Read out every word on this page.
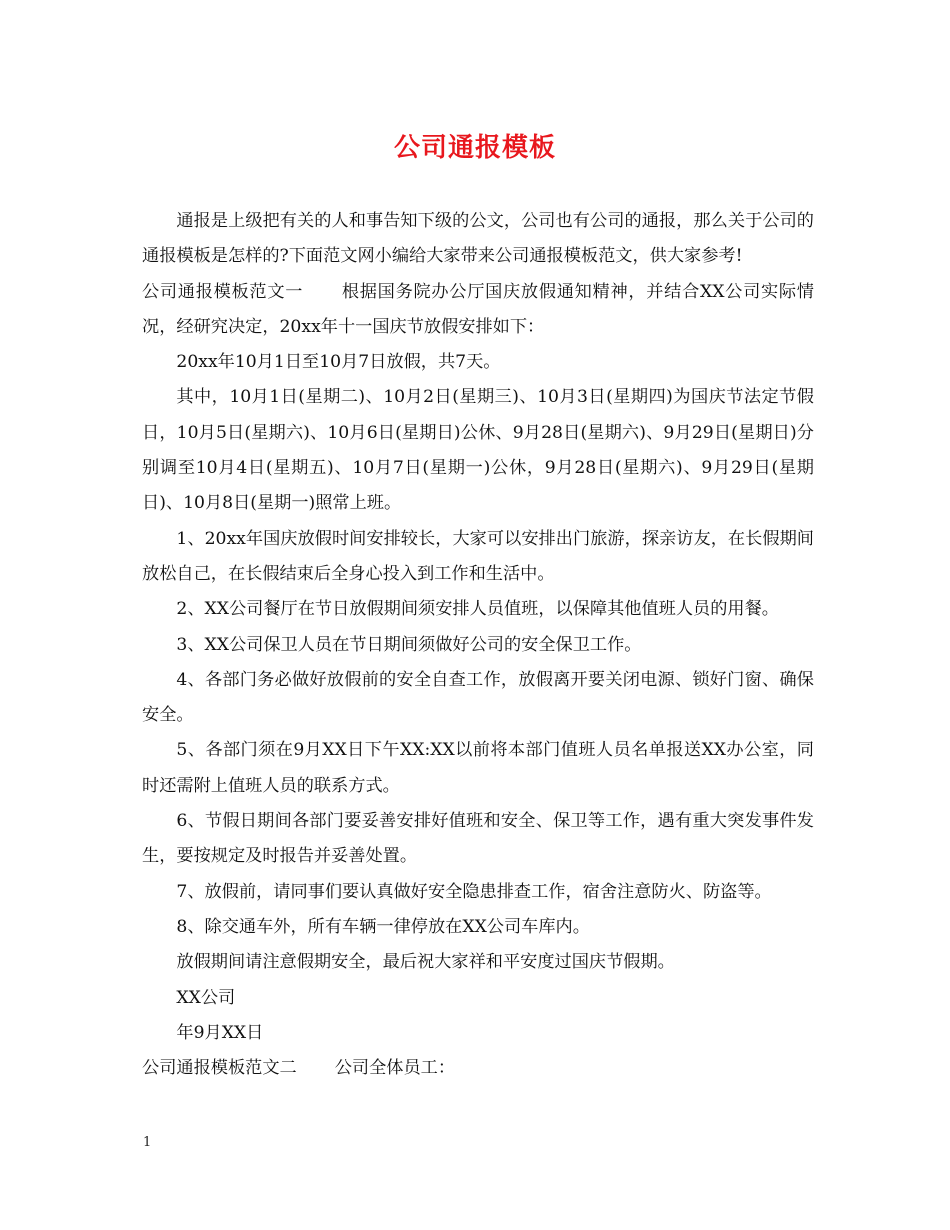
公司通报模板

通报是上级把有关的人和事告知下级的公文，公司也有公司的通报，那么关于公司的通报模板是怎样的?下面范文网小编给大家带来公司通报模板范文，供大家参考!

公司通报模板范文一 根据国务院办公厅国庆放假通知精神，并结合XX公司实际情况，经研究决定，20xx年十一国庆节放假安排如下：

20xx年10月1日至10月7日放假，共7天。

其中，10月1日(星期二)、10月2日(星期三)、10月3日(星期四)为国庆节法定节假日，10月5日(星期六)、10月6日(星期日)公休、9月28日(星期六)、9月29日(星期日)分别调至10月4日(星期五)、10月7日(星期一)公休，9月28日(星期六)、9月29日(星期日)、10月8日(星期一)照常上班。

1、20xx年国庆放假时间安排较长，大家可以安排出门旅游，探亲访友，在长假期间放松自己，在长假结束后全身心投入到工作和生活中。

2、XX公司餐厅在节日放假期间须安排人员值班，以保障其他值班人员的用餐。

3、XX公司保卫人员在节日期间须做好公司的安全保卫工作。

4、各部门务必做好放假前的安全自查工作，放假离开要关闭电源、锁好门窗、确保安全。

5、各部门须在9月XX日下午XX:XX以前将本部门值班人员名单报送XX办公室，同时还需附上值班人员的联系方式。

6、节假日期间各部门要妥善安排好值班和安全、保卫等工作，遇有重大突发事件发生，要按规定及时报告并妥善处置。

7、放假前，请同事们要认真做好安全隐患排查工作，宿舍注意防火、防盗等。

8、除交通车外，所有车辆一律停放在XX公司车库内。

放假期间请注意假期安全，最后祝大家祥和平安度过国庆节假期。

XX公司

年9月XX日

公司通报模板范文二 公司全体员工：

1
